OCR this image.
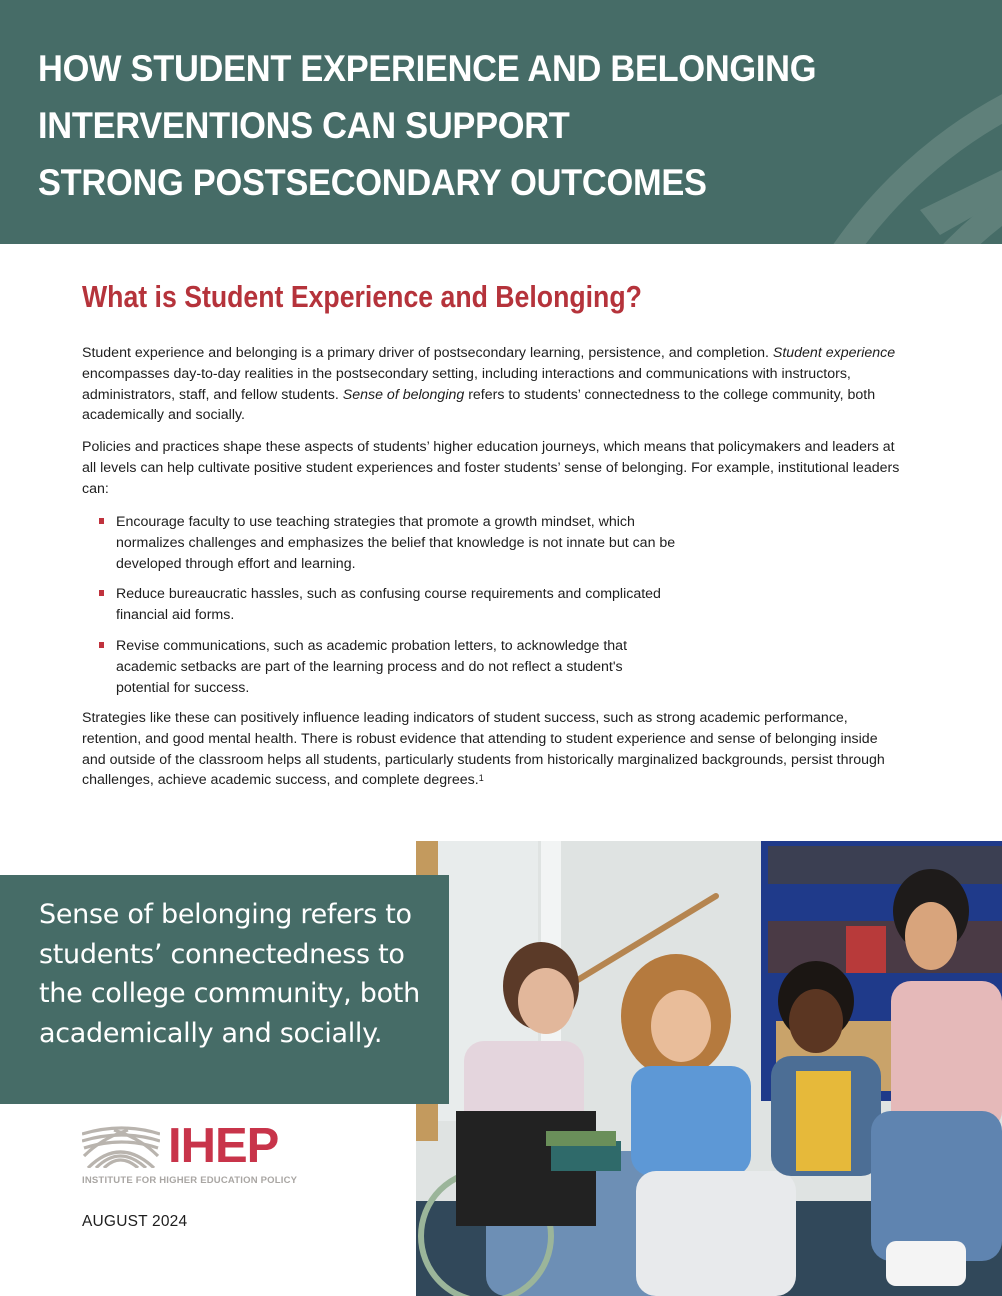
HOW STUDENT EXPERIENCE AND BELONGING
INTERVENTIONS CAN SUPPORT
STRONG POSTSECONDARY OUTCOMES
What is Student Experience and Belonging?

Student experience and belonging is a primary driver of postsecondary learning, persistence, and completion. Student experience encompasses day-to-day realities in the postsecondary setting, including interactions and communications with instructors, administrators, staff, and fellow students. Sense of belonging refers to students’ connectedness to the college community, both academically and socially.

Policies and practices shape these aspects of students’ higher education journeys, which means that policymakers and leaders at all levels can help cultivate positive student experiences and foster students’ sense of belonging. For example, institutional leaders can:

Encourage faculty to use teaching strategies that promote a growth mindset, which normalizes challenges and emphasizes the belief that knowledge is not innate but can be developed through effort and learning.
Reduce bureaucratic hassles, such as confusing course requirements and complicated financial aid forms.
Revise communications, such as academic probation letters, to acknowledge that academic setbacks are part of the learning process and do not reflect a student's potential for success.

Strategies like these can positively influence leading indicators of student success, such as strong academic performance, retention, and good mental health. There is robust evidence that attending to student experience and sense of belonging inside and outside of the classroom helps all students, particularly students from historically marginalized backgrounds, persist through challenges, achieve academic success, and complete degrees.$^1$

Sense of belonging refers to students’ connectedness to the college community, both academically and socially.

IHEP
INSTITUTE FOR HIGHER EDUCATION POLICY
AUGUST 2024
